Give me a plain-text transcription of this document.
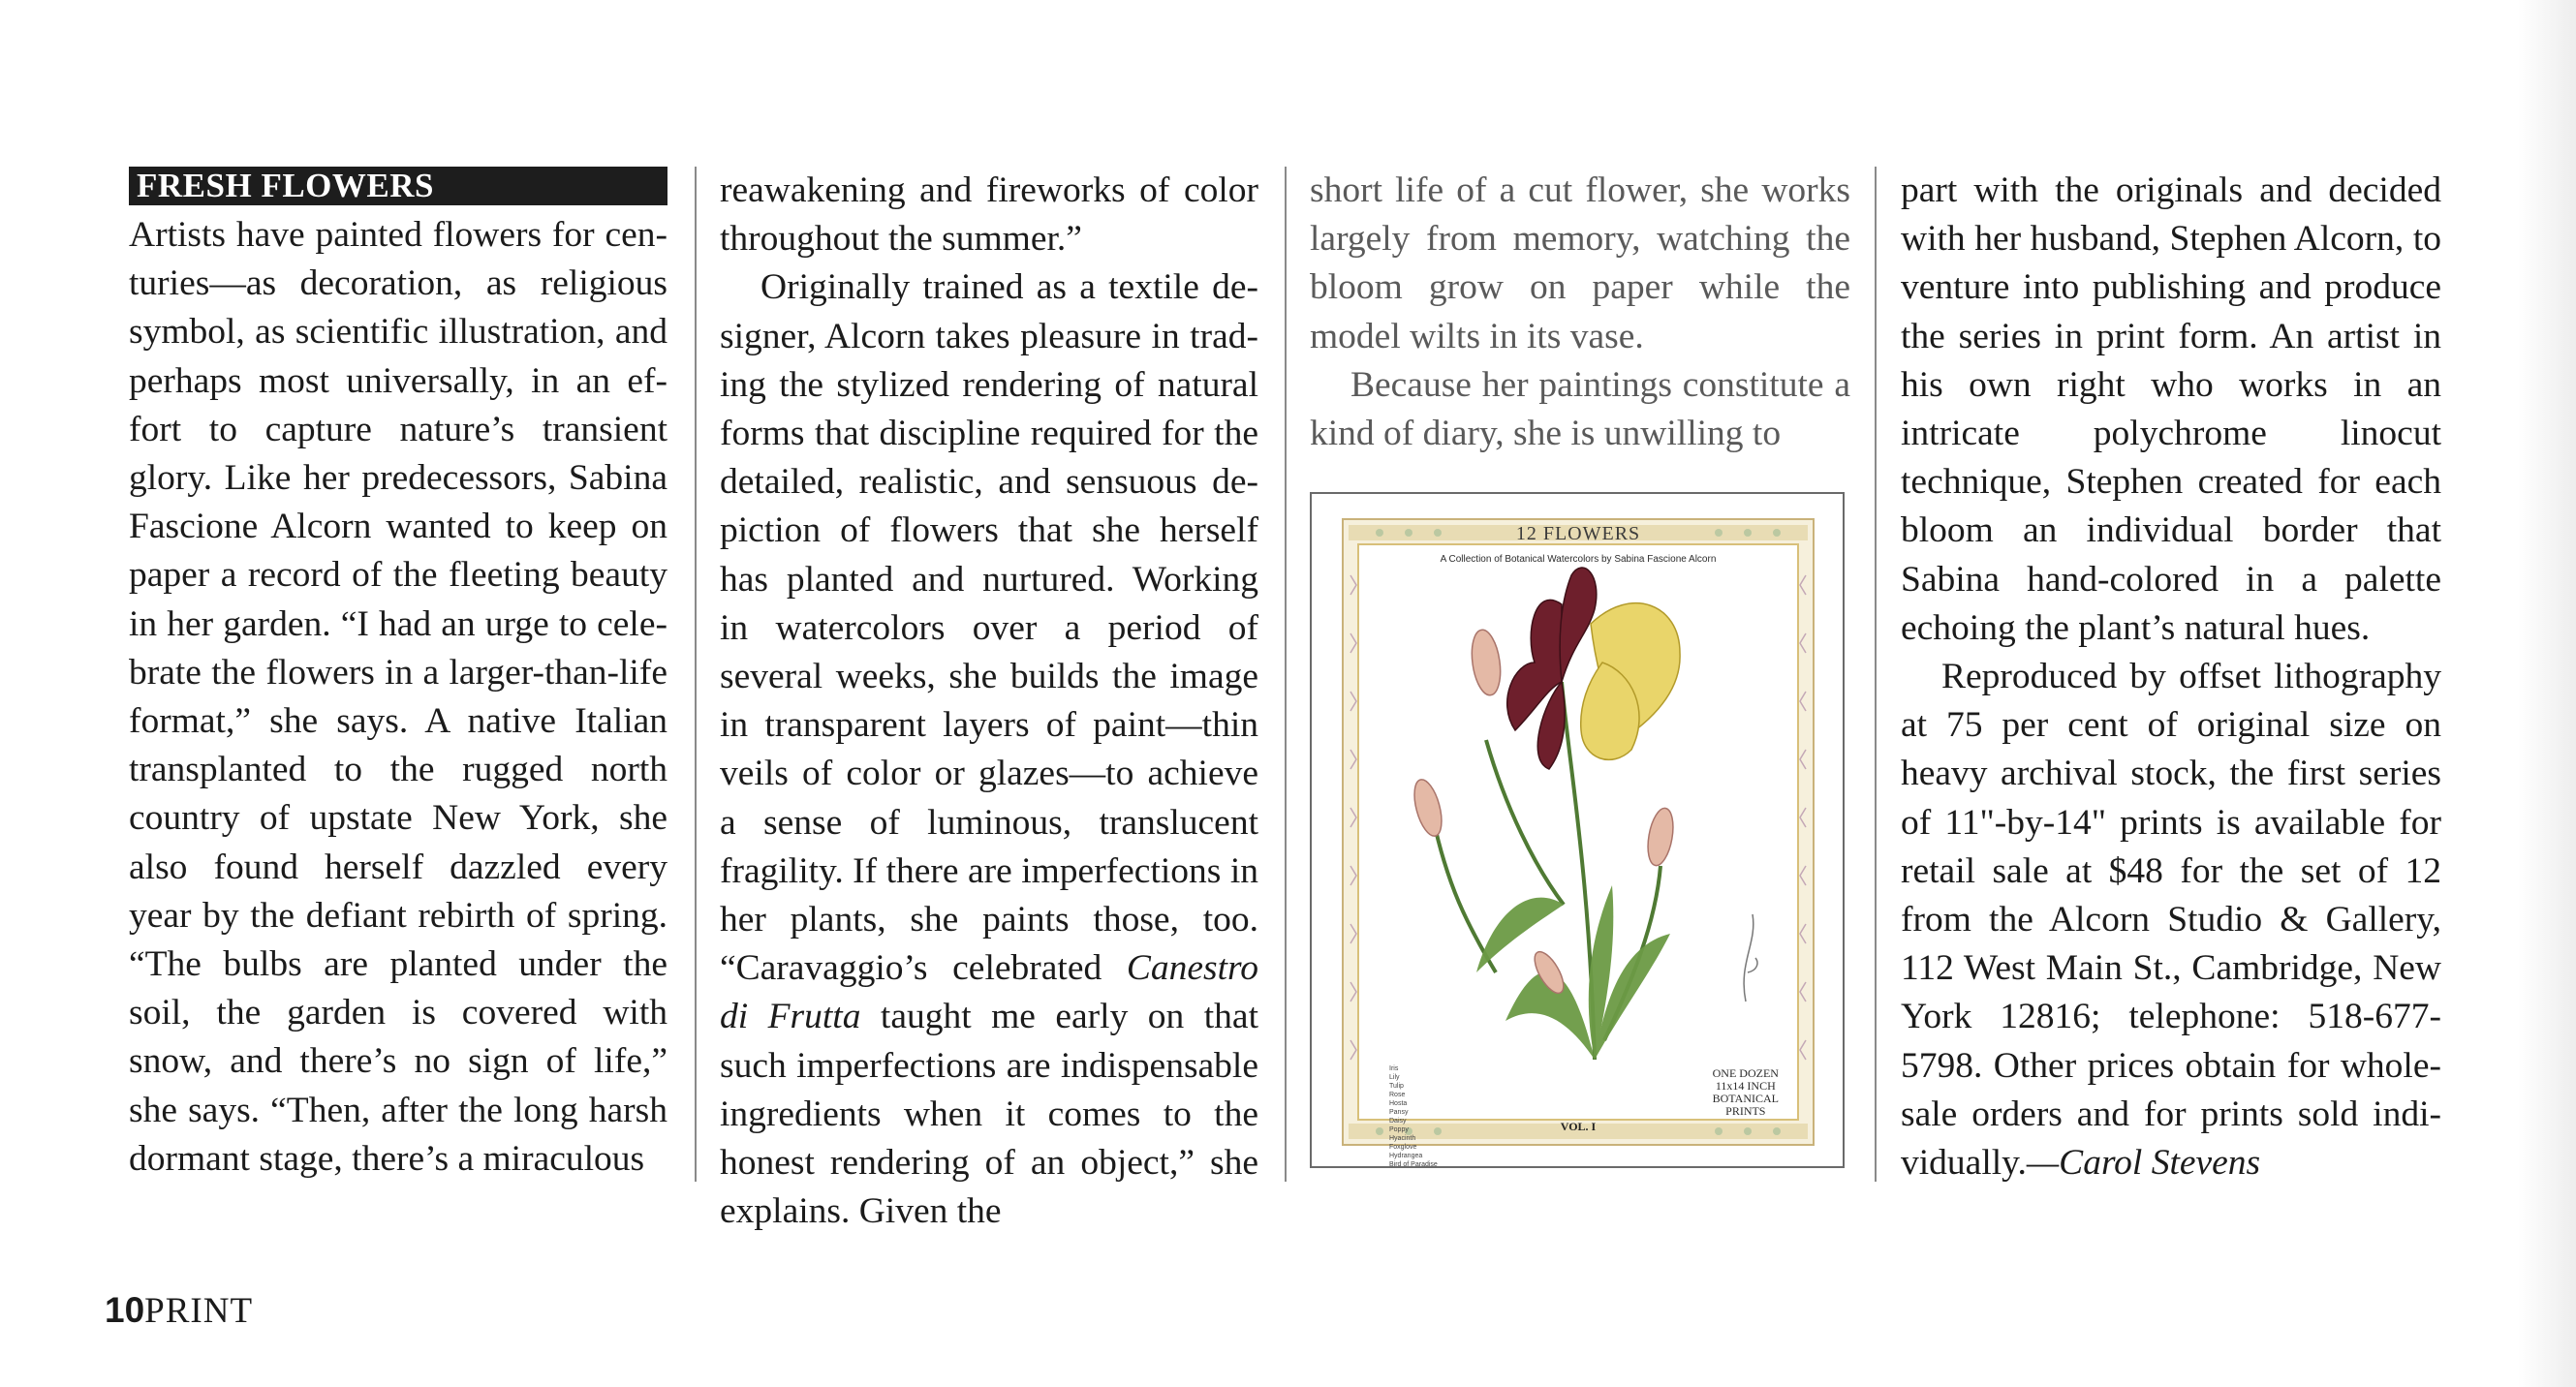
FRESH FLOWERS

Artists have painted flowers for centuries—as decoration, as religious symbol, as scientific illustration, and perhaps most universally, in an effort to capture nature’s transient glory. Like her predecessors, Sabina Fascione Alcorn wanted to keep on paper a record of the fleeting beauty in her garden. “I had an urge to celebrate the flowers in a larger-than-life format,” she says. A native Italian transplanted to the rugged north country of upstate New York, she also found herself dazzled every year by the defiant rebirth of spring. “The bulbs are planted under the soil, the garden is covered with snow, and there’s no sign of life,” she says. “Then, after the long harsh dormant stage, there’s a miraculous

reawakening and fireworks of color throughout the summer.”

Originally trained as a textile designer, Alcorn takes pleasure in trading the stylized rendering of natural forms that discipline required for the detailed, realistic, and sensuous depiction of flowers that she herself has planted and nurtured. Working in watercolors over a period of several weeks, she builds the image in transparent layers of paint—thin veils of color or glazes—to achieve a sense of luminous, translucent fragility. If there are imperfections in her plants, she paints those, too. “Caravaggio’s celebrated Canestro di Frutta taught me early on that such imperfections are indispensable ingredients when it comes to the honest rendering of an object,” she explains. Given the

short life of a cut flower, she works largely from memory, watching the bloom grow on paper while the model wilts in its vase.

Because her paintings constitute a kind of diary, she is unwilling to

12 FLOWERS
A Collection of Botanical Watercolors by Sabina Fascione Alcorn
Iris
Lily
Tulip
Rose
Hosta
Pansy
Daisy
Poppy
Hyacinth
Foxglove
Hydrangea
Bird of Paradise
ONE DOZEN
11x14 INCH
BOTANICAL
PRINTS
VOL. I

part with the originals and decided with her husband, Stephen Alcorn, to venture into publishing and produce the series in print form. An artist in his own right who works in an intricate polychrome linocut technique, Stephen created for each bloom an individual border that Sabina hand-colored in a palette echoing the plant’s natural hues.

Reproduced by offset lithography at 75 per cent of original size on heavy archival stock, the first series of 11"-by-14" prints is available for retail sale at $48 for the set of 12 from the Alcorn Studio & Gallery, 112 West Main St., Cambridge, New York 12816; telephone: 518-677-5798. Other prices obtain for wholesale orders and for prints sold individually.—Carol Stevens

10PRINT
